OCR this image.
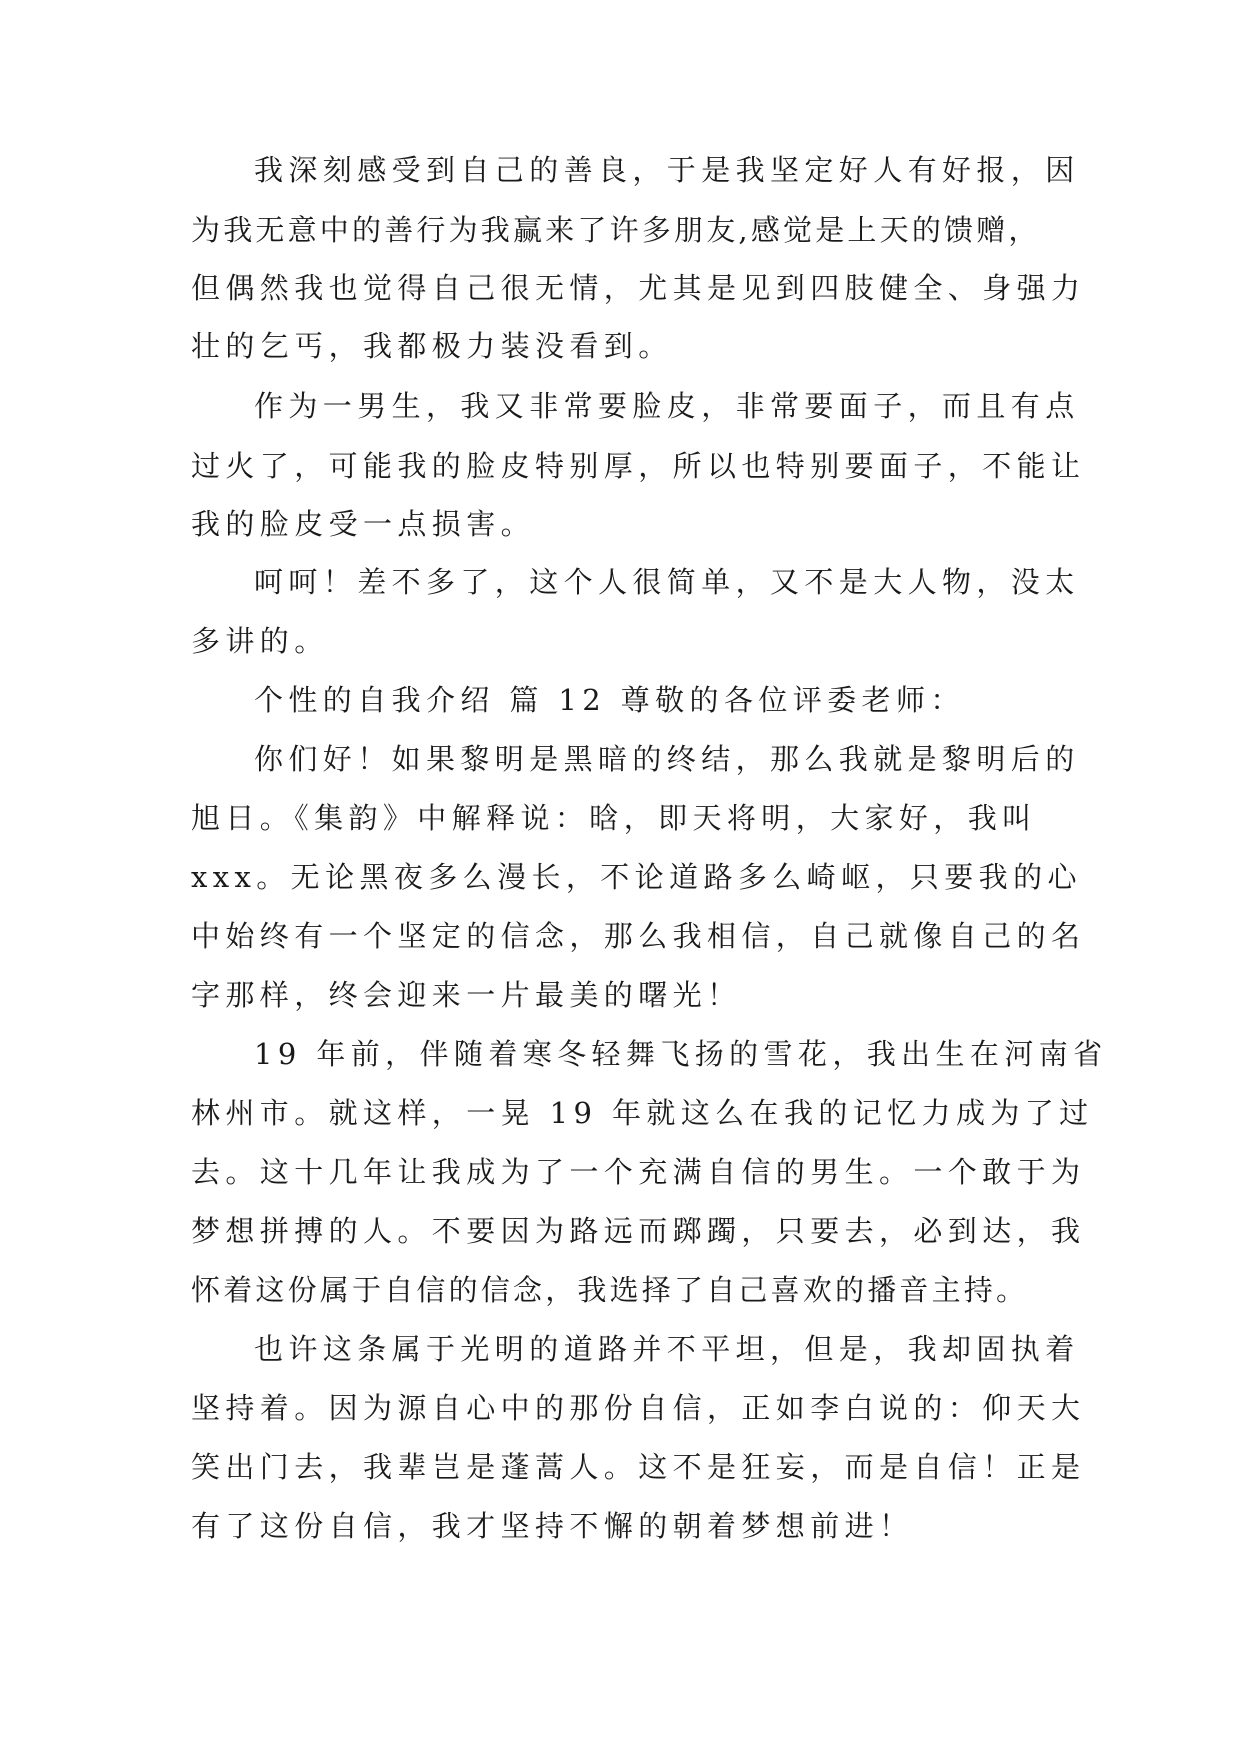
我深刻感受到自己的善良，于是我坚定好人有好报，因
为我无意中的善行为我赢来了许多朋友,感觉是上天的馈赠，
但偶然我也觉得自己很无情，尤其是见到四肢健全、身强力
壮的乞丐，我都极力装没看到。
作为一男生，我又非常要脸皮，非常要面子，而且有点
过火了，可能我的脸皮特别厚，所以也特别要面子，不能让
我的脸皮受一点损害。
呵呵！差不多了，这个人很简单，又不是大人物，没太
多讲的。
个性的自我介绍 篇 12 尊敬的各位评委老师：
你们好！如果黎明是黑暗的终结，那么我就是黎明后的
旭日。《集韵》中解释说：晗，即天将明，大家好，我叫
xxx。无论黑夜多么漫长，不论道路多么崎岖，只要我的心
中始终有一个坚定的信念，那么我相信，自己就像自己的名
字那样，终会迎来一片最美的曙光！
19 年前，伴随着寒冬轻舞飞扬的雪花，我出生在河南省
林州市。就这样，一晃 19 年就这么在我的记忆力成为了过
去。这十几年让我成为了一个充满自信的男生。一个敢于为
梦想拼搏的人。不要因为路远而踯躅，只要去，必到达，我
怀着这份属于自信的信念，我选择了自己喜欢的播音主持。
也许这条属于光明的道路并不平坦，但是，我却固执着
坚持着。因为源自心中的那份自信，正如李白说的：仰天大
笑出门去，我辈岂是蓬蒿人。这不是狂妄，而是自信！正是
有了这份自信，我才坚持不懈的朝着梦想前进！
